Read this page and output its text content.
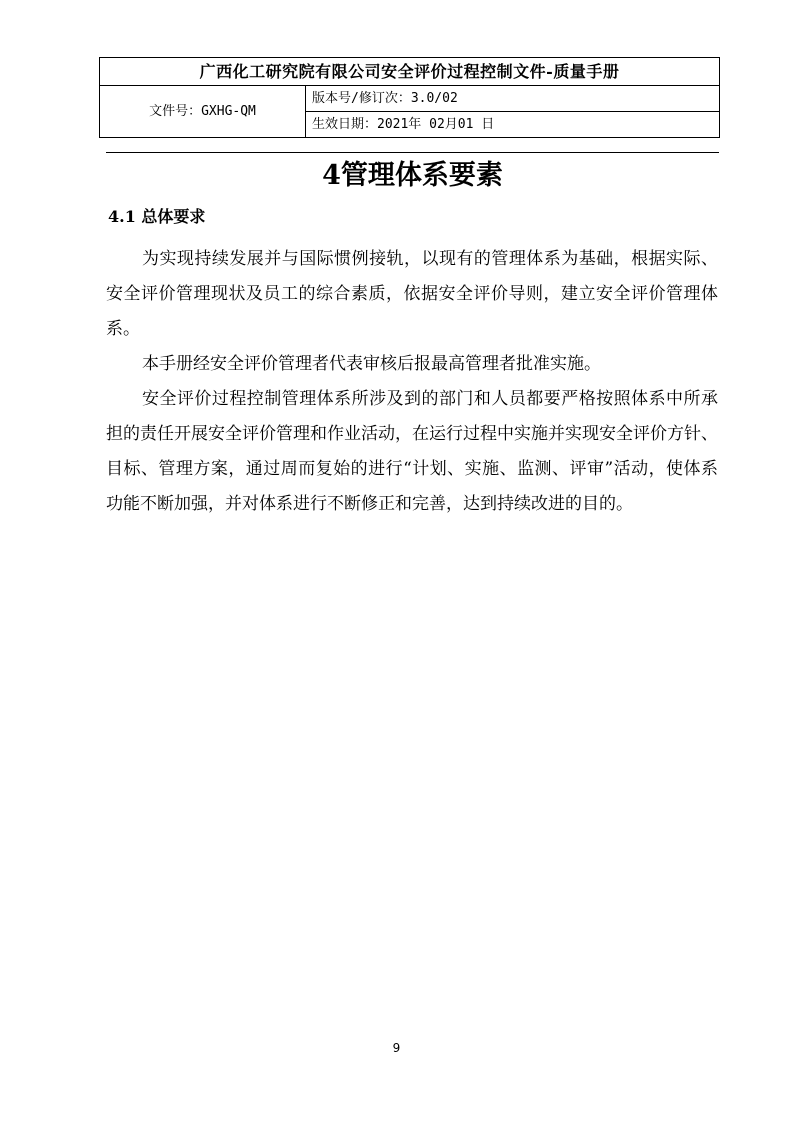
广西化工研究院有限公司安全评价过程控制文件-质量手册
文件号：GXHG-QM	版本号/修订次：3.0/02
生效日期：2021年 02月01 日
4管理体系要素
4.1 总体要求

为实现持续发展并与国际惯例接轨，以现有的管理体系为基础，根据实际、 安全评价管理现状及员工的综合素质，依据安全评价导则，建立安全评价管理体系。

本手册经安全评价管理者代表审核后报最高管理者批准实施。

安全评价过程控制管理体系所涉及到的部门和人员都要严格按照体系中所承担的责任开展安全评价管理和作业活动，在运行过程中实施并实现安全评价方针、目标、管理方案，通过周而复始的进行“计划、实施、监测、评审”活动，使体系功能不断加强，并对体系进行不断修正和完善，达到持续改进的目的。

9
